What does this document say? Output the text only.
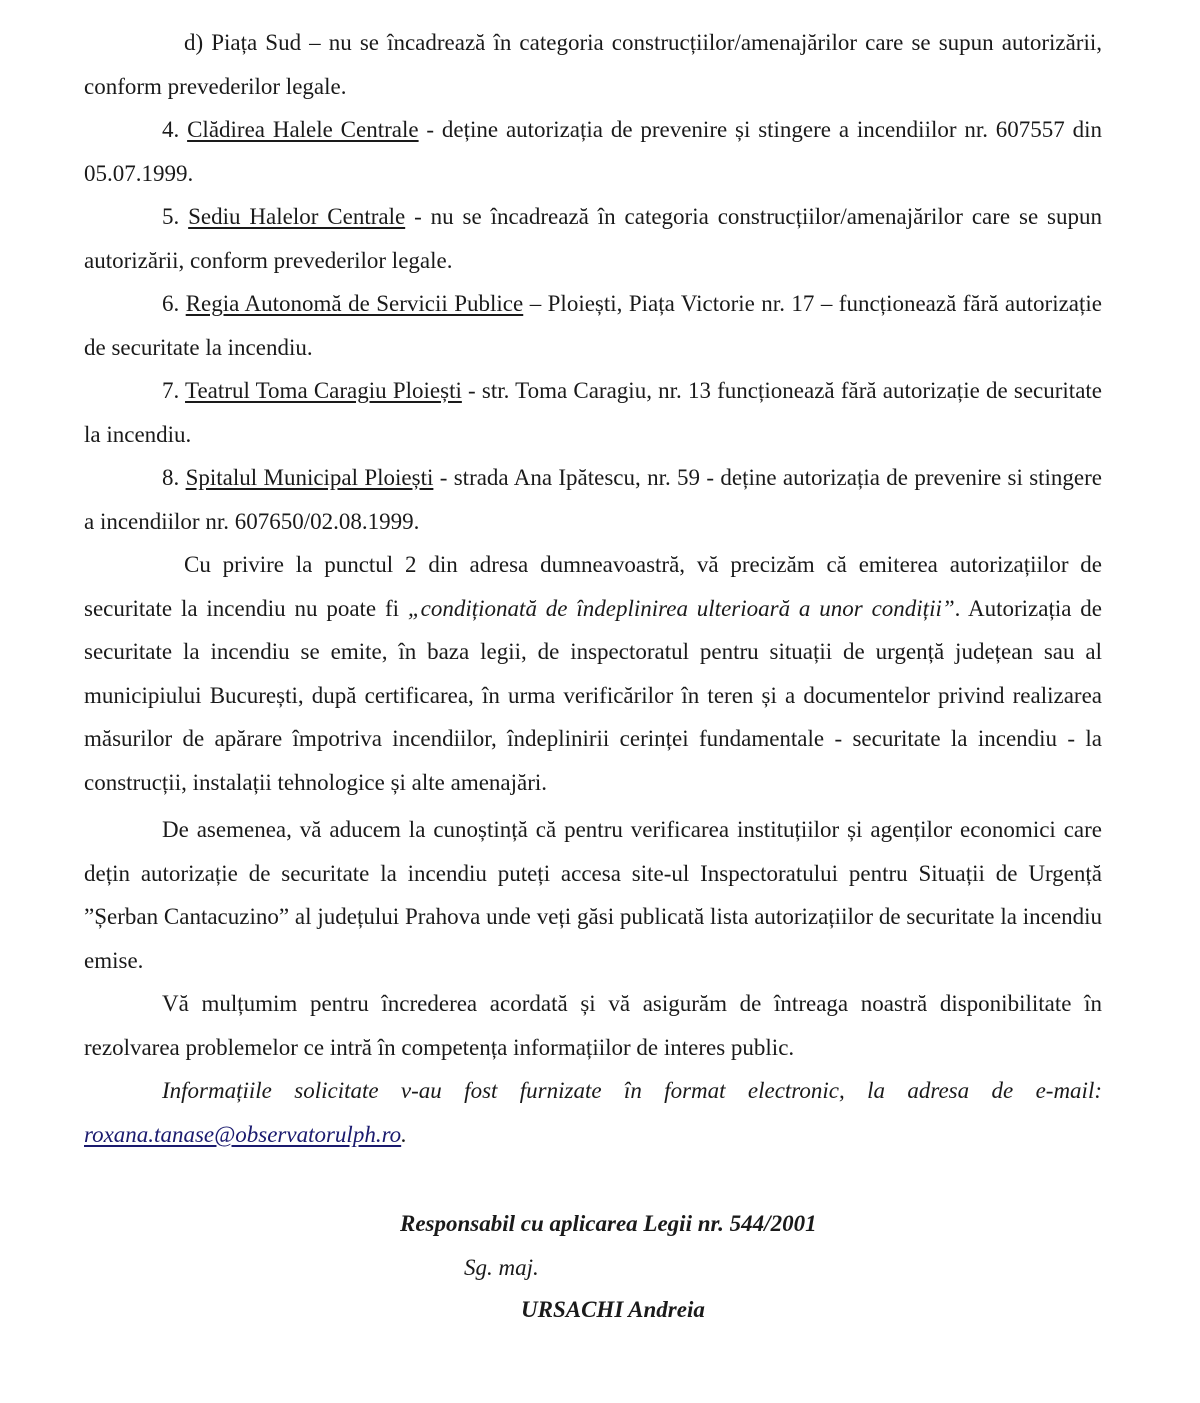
d) Piața Sud – nu se încadrează în categoria construcțiilor/amenajărilor care se supun autorizării, conform prevederilor legale.

4. Clădirea Halele Centrale - deține autorizația de prevenire și stingere a incendiilor nr. 607557 din 05.07.1999.

5. Sediu Halelor Centrale - nu se încadrează în categoria construcțiilor/amenajărilor care se supun autorizării, conform prevederilor legale.

6. Regia Autonomă de Servicii Publice – Ploiești, Piața Victorie nr. 17 – funcționează fără autorizație de securitate la incendiu.

7. Teatrul Toma Caragiu Ploiești - str. Toma Caragiu, nr. 13 funcționează fără autorizație de securitate la incendiu.

8. Spitalul Municipal Ploiești - strada Ana Ipătescu, nr. 59 - deține autorizația de prevenire si stingere a incendiilor nr. 607650/02.08.1999.

Cu privire la punctul 2 din adresa dumneavoastră, vă precizăm că emiterea autorizațiilor de securitate la incendiu nu poate fi „condiționată de îndeplinirea ulterioară a unor condiții”. Autorizația de securitate la incendiu se emite, în baza legii, de inspectoratul pentru situații de urgență județean sau al municipiului București, după certificarea, în urma verificărilor în teren și a documentelor privind realizarea măsurilor de apărare împotriva incendiilor, îndeplinirii cerinței fundamentale - securitate la incendiu - la construcții, instalații tehnologice și alte amenajări.

De asemenea, vă aducem la cunoștință că pentru verificarea instituțiilor și agenților economici care dețin autorizație de securitate la incendiu puteți accesa site-ul Inspectoratului pentru Situații de Urgență ”Șerban Cantacuzino” al județului Prahova unde veți găsi publicată lista autorizațiilor de securitate la incendiu emise.

Vă mulțumim pentru încrederea acordată și vă asigurăm de întreaga noastră disponibilitate în rezolvarea problemelor ce intră în competența informațiilor de interes public.

Informațiile solicitate v-au fost furnizate în format electronic, la adresa de e-mail: roxana.tanase@observatorulph.ro.

Responsabil cu aplicarea Legii nr. 544/2001

Sg. maj.

URSACHI Andreia
